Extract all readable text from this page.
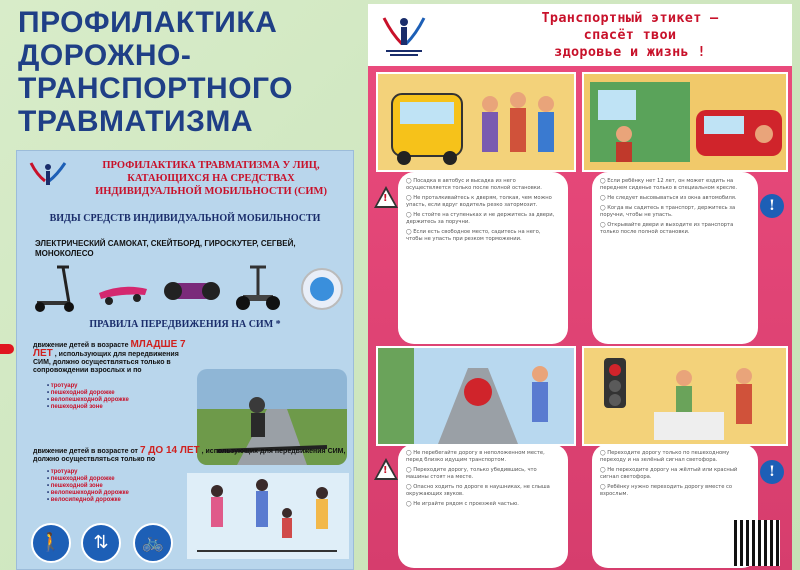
ПРОФИЛАКТИКА
ДОРОЖНО-
ТРАНСПОРТНОГО
ТРАВМАТИЗМА
ПРОФИЛАКТИКА ТРАВМАТИЗМА У ЛИЦ, КАТАЮЩИХСЯ НА СРЕДСТВАХ ИНДИВИДУАЛЬНОЙ МОБИЛЬНОСТИ (СИМ)
ВИДЫ СРЕДСТВ ИНДИВИДУАЛЬНОЙ МОБИЛЬНОСТИ
ЭЛЕКТРИЧЕСКИЙ САМОКАТ, СКЕЙТБОРД, ГИРОСКУТЕР, СЕГВЕЙ, МОНОКОЛЕСО
ПРАВИЛА ПЕРЕДВИЖЕНИЯ НА СИМ *
движение детей в возрасте МЛАДШЕ 7 ЛЕТ , использующих для передвижения СИМ, должно осуществляться только в сопровождении взрослых и по
• тротуару
• пешеходной дорожке
• велопешеходной дорожке
• пешеходной зоне
движение детей в возрасте от 7 ДО 14 ЛЕТ , использующих для передвижения СИМ, должно осуществляться только по
• тротуару
• пешеходной дорожке
• пешеходной зоне
• велопешеходной дорожке
• велосипедной дорожке
🚶	⇅	🚲
Транспортный этикет –
спасёт твои
здоровье и жизнь !
◯ Посадка в автобус и высадка из него осуществляется только после полной остановки.
◯ Не проталкивайтесь к дверям, толкая, чем можно упасть, если вдруг водитель резко затормозит.
◯ Не стойте на ступеньках и не держитесь за двери, держитесь за поручни.
◯ Если есть свободное место, садитесь на него, чтобы не упасть при резком торможении.
!
◯ Если ребёнку нет 12 лет, он может ездить на переднем сиденье только в специальном кресле.
◯ Не следует высовываться из окна автомобиля.
◯ Когда вы садитесь в транспорт, держитесь за поручни, чтобы не упасть.
◯ Открывайте двери и выходите из транспорта только после полной остановки.
!
◯ Не перебегайте дорогу в неположенном месте, перед близко идущим транспортом.
◯ Переходите дорогу, только убедившись, что машины стоят на месте.
◯ Опасно ходить по дороге в наушниках, не слыша окружающих звуков.
◯ Не играйте рядом с проезжей частью.
!
◯ Переходите дорогу только по пешеходному переходу и на зелёный сигнал светофора.
◯ Не переходите дорогу на жёлтый или красный сигнал светофора.
◯ Ребёнку нужно переходить дорогу вместе со взрослым.
!
